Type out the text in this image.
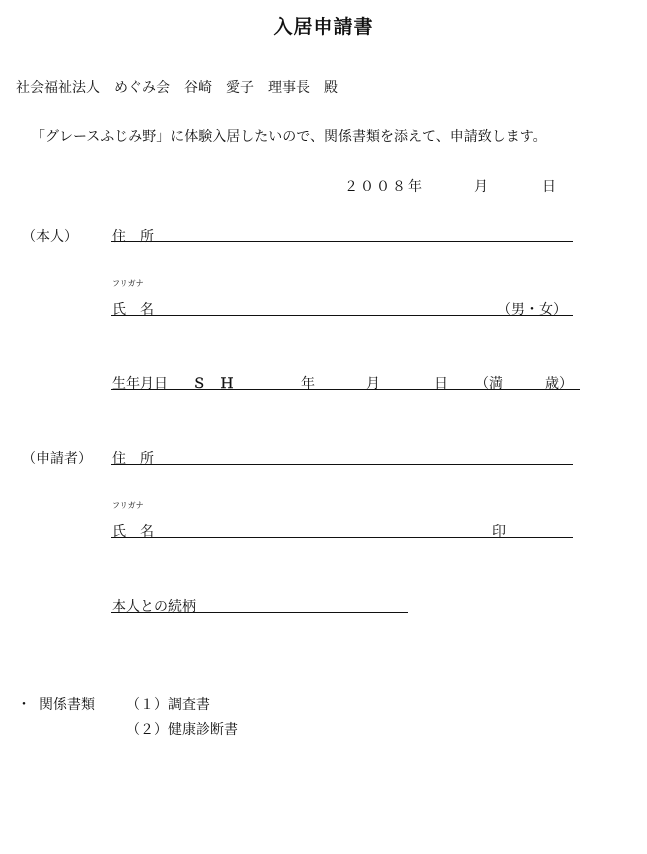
入居申請書
社会福祉法人　めぐみ会　谷崎　愛子　理事長　殿
「グレースふじみ野」に体験入居したいので、関係書類を添えて、申請致します。
２００８年	月	日
（本人） 住　所
フリガナ
氏　名	（男・女）
生年月日 Ｓ　Ｈ	年	月	日 （満	歳）
（申請者） 住　所
フリガナ
氏　名	印
本人との続柄
・ 関係書類 （１）調査書
（２）健康診断書
